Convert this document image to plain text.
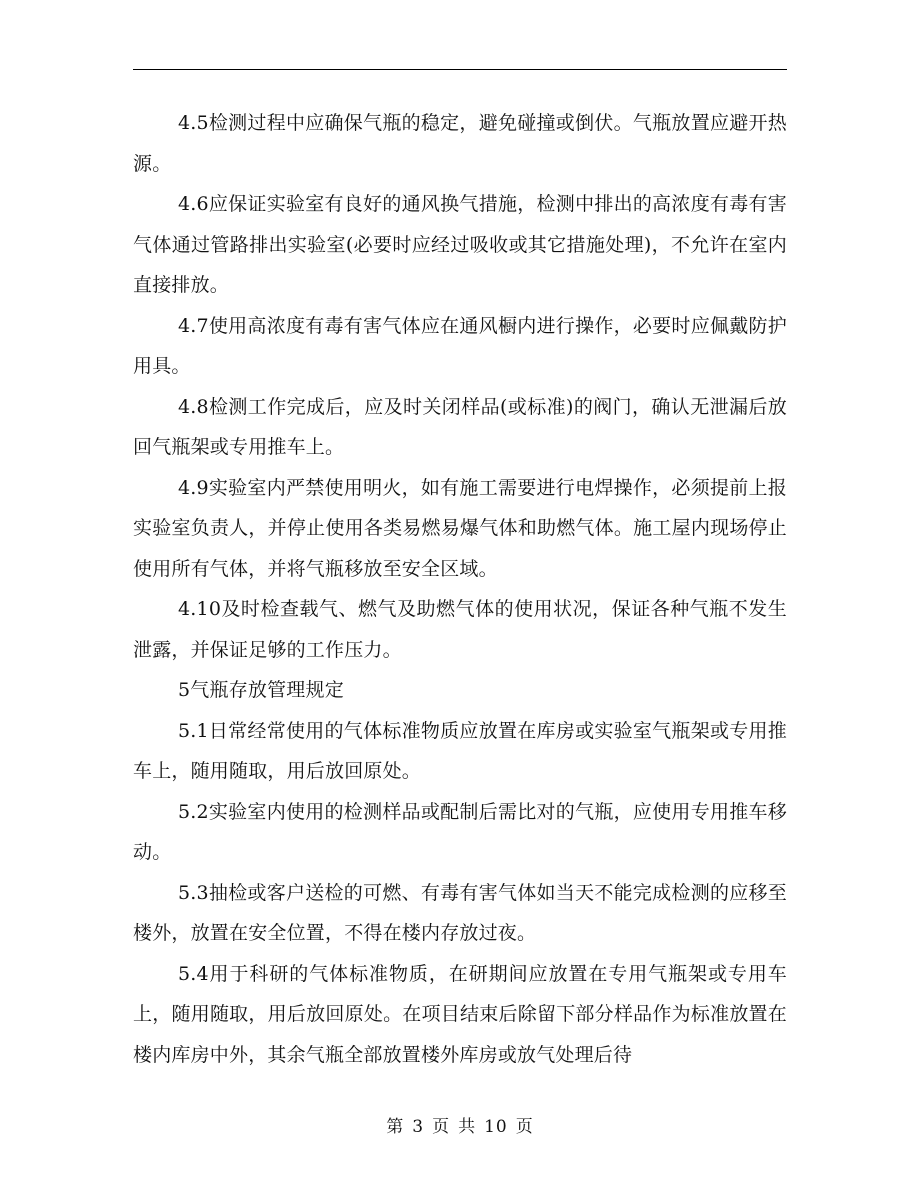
4.5检测过程中应确保气瓶的稳定，避免碰撞或倒伏。气瓶放置应避开热源。

4.6应保证实验室有良好的通风换气措施，检测中排出的高浓度有毒有害气体通过管路排出实验室(必要时应经过吸收或其它措施处理)，不允许在室内直接排放。

4.7使用高浓度有毒有害气体应在通风橱内进行操作，必要时应佩戴防护用具。

4.8检测工作完成后，应及时关闭样品(或标准)的阀门，确认无泄漏后放回气瓶架或专用推车上。

4.9实验室内严禁使用明火，如有施工需要进行电焊操作，必须提前上报实验室负责人，并停止使用各类易燃易爆气体和助燃气体。施工屋内现场停止使用所有气体，并将气瓶移放至安全区域。

4.10及时检查载气、燃气及助燃气体的使用状况，保证各种气瓶不发生泄露，并保证足够的工作压力。

5气瓶存放管理规定

5.1日常经常使用的气体标准物质应放置在库房或实验室气瓶架或专用推车上，随用随取，用后放回原处。

5.2实验室内使用的检测样品或配制后需比对的气瓶，应使用专用推车移动。

5.3抽检或客户送检的可燃、有毒有害气体如当天不能完成检测的应移至楼外，放置在安全位置，不得在楼内存放过夜。

5.4用于科研的气体标准物质，在研期间应放置在专用气瓶架或专用车上，随用随取，用后放回原处。在项目结束后除留下部分样品作为标准放置在楼内库房中外，其余气瓶全部放置楼外库房或放气处理后待

第 3 页 共 10 页
